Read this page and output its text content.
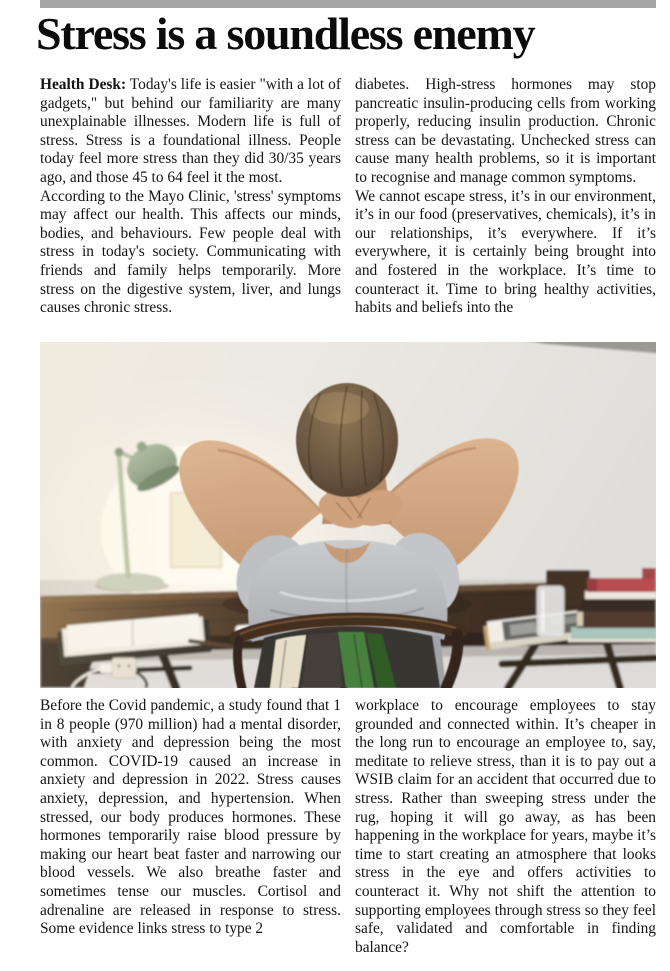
Stress is a soundless enemy

Health Desk: Today's life is easier "with a lot of gadgets," but behind our familiarity are many unexplainable illnesses. Modern life is full of stress. Stress is a foundational illness. People today feel more stress than they did 30/35 years ago, and those 45 to 64 feel it the most.

According to the Mayo Clinic, 'stress' symptoms may affect our health. This affects our minds, bodies, and behaviours. Few people deal with stress in today's society. Communicating with friends and family helps temporarily. More stress on the digestive system, liver, and lungs causes chronic stress.

diabetes. High-stress hormones may stop pancreatic insulin-producing cells from working properly, reducing insulin production. Chronic stress can be devastating. Unchecked stress can cause many health problems, so it is important to recognise and manage common symptoms.

We cannot escape stress, it’s in our environment, it’s in our food (preservatives, chemicals), it’s in our relationships, it’s everywhere. If it’s everywhere, it is certainly being brought into and fostered in the workplace. It’s time to counteract it. Time to bring healthy activities, habits and beliefs into the

Before the Covid pandemic, a study found that 1 in 8 people (970 million) had a mental disorder, with anxiety and depression being the most common. COVID-19 caused an increase in anxiety and depression in 2022. Stress causes anxiety, depression, and hypertension. When stressed, our body produces hormones. These hormones temporarily raise blood pressure by making our heart beat faster and narrowing our blood vessels. We also breathe faster and sometimes tense our muscles. Cortisol and adrenaline are released in response to stress. Some evidence links stress to type 2

workplace to encourage employees to stay grounded and connected within. It’s cheaper in the long run to encourage an employee to, say, meditate to relieve stress, than it is to pay out a WSIB claim for an accident that occurred due to stress. Rather than sweeping stress under the rug, hoping it will go away, as has been happening in the workplace for years, maybe it’s time to start creating an atmosphere that looks stress in the eye and offers activities to counteract it. Why not shift the attention to supporting employees through stress so they feel safe, validated and comfortable in finding balance?
